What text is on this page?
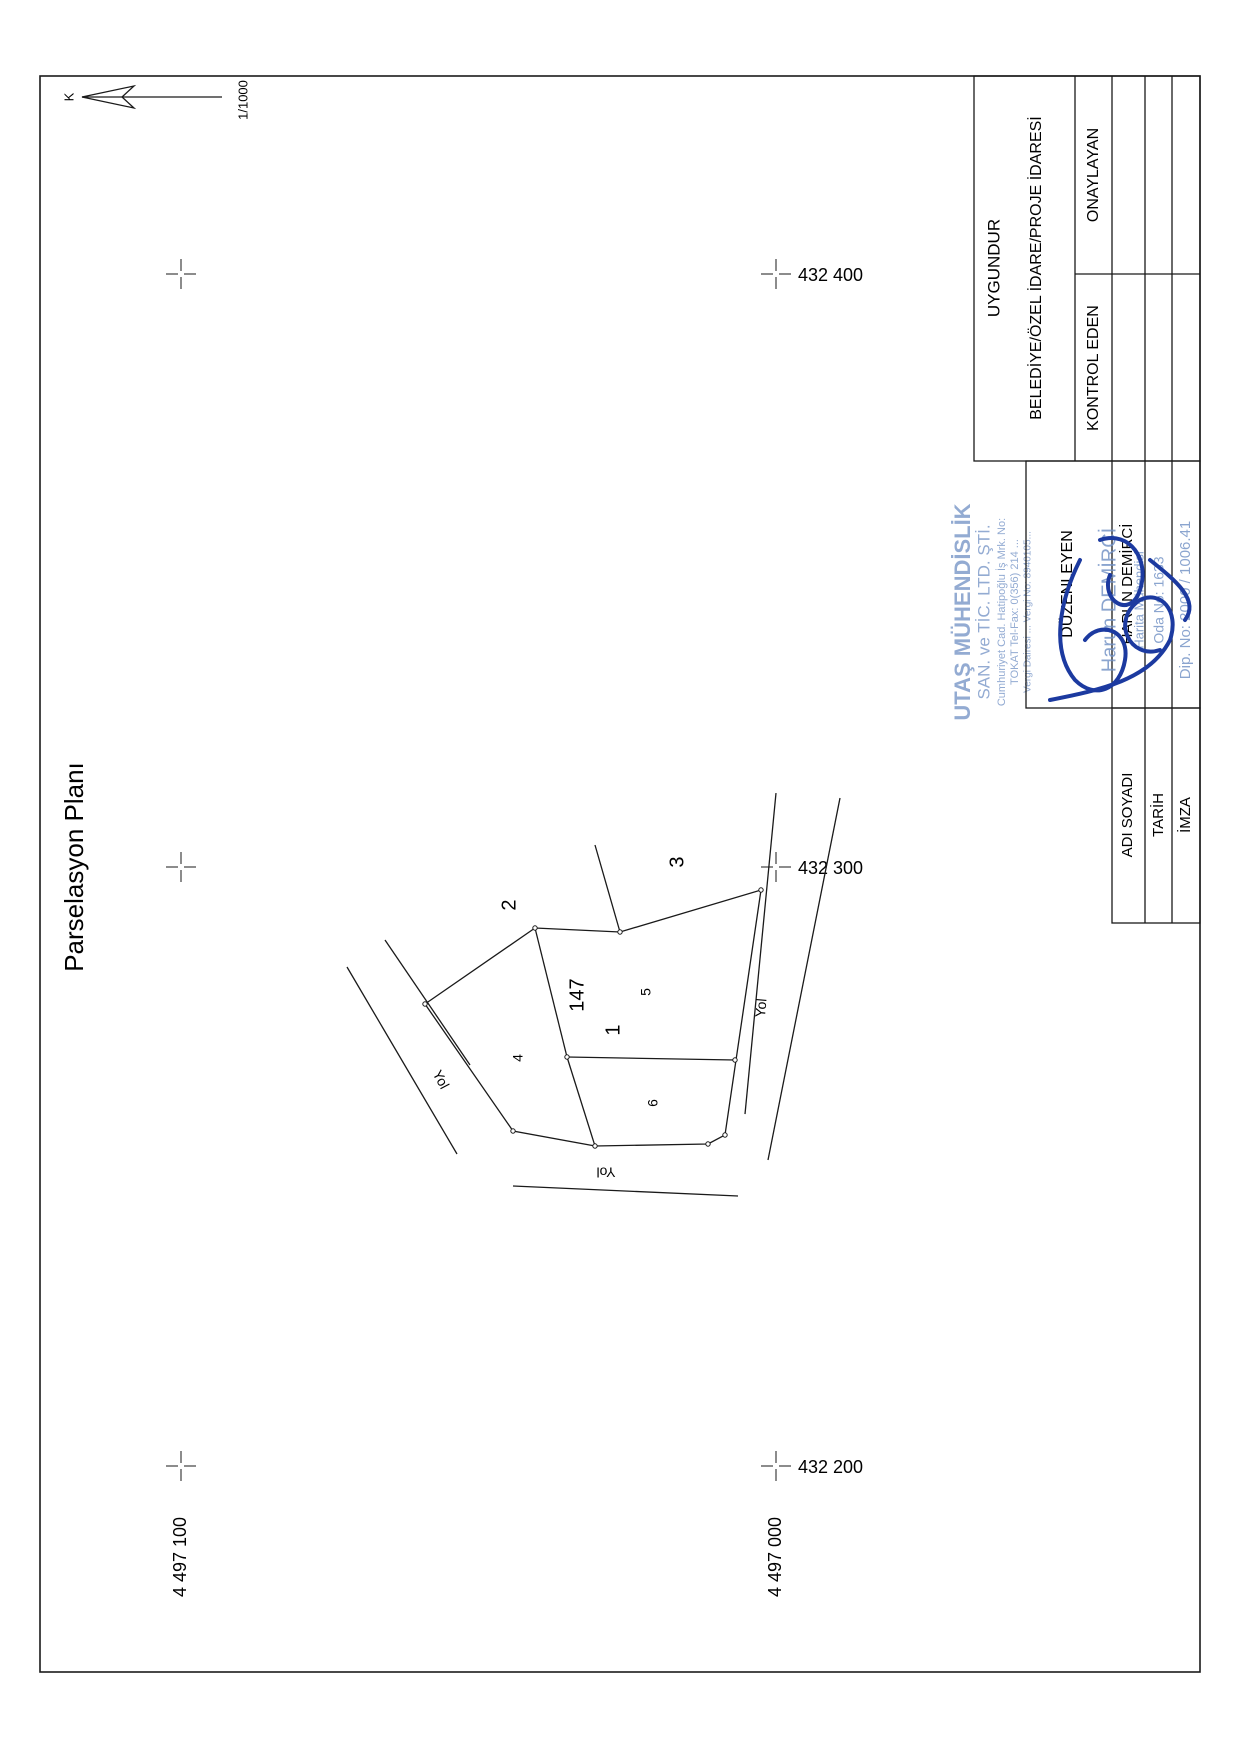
K	1/1000
Parselasyon Planı
4 497 100	4 497 000
432 400
432 300
432 200
147
1
4
5
6
2
3
Yol
Yol
Yol
UTAŞ MÜHENDİSLİK SAN. ve TİC. LTD. ŞTİ. Cumhuriyet Cad. Hatipoğlu İş Mrk. No: TOKAT Tel-Fax: 0(356) 214 ... Vergi Dairesi ... Vergi No: 8940105...
UYGUNDUR BELEDİYE/ÖZEL İDARE/PROJE İDARESİ KONTROL EDEN
ONAYLAYAN
DÜZENLEYEN
ADI SOYADI TARİH İMZA
HARUN DEMİRCİ
Harun DEMİRCİ Harita Mühendisi Oda No: 1633 Dip. No: 2000 / 1006.41
